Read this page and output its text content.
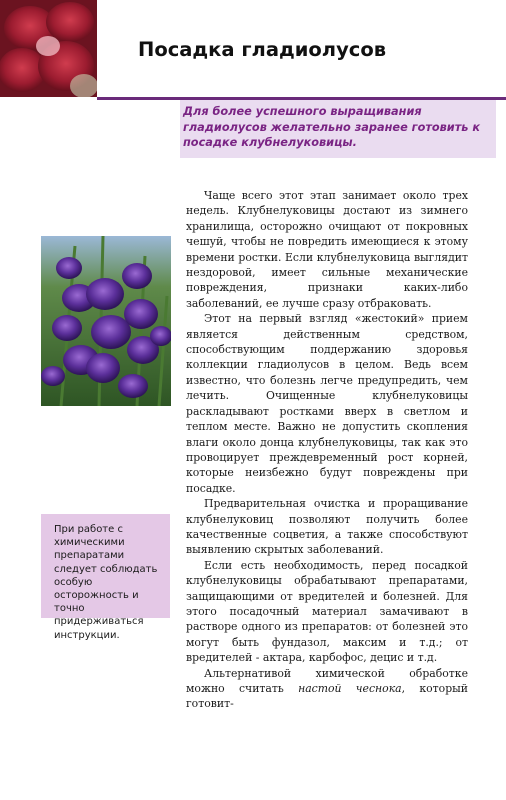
Посадка гладиолусов

Для более успешного выращивания гладиолусов желательно заранее готовить к посадке клубнелуковицы.

При работе с химическими препаратами следует соблюдать особую осторожность и точно придерживаться инструкции.

Чаще всего этот этап занимает около трех недель. Клубнелуковицы достают из зимнего хранилища, осторожно очищают от покровных чешуй, чтобы не повредить имеющиеся к этому времени ростки. Если клубнелуковица выглядит нездоровой, имеет сильные механические повреждения, признаки каких-либо заболеваний, ее лучше сразу отбраковать.
Этот на первый взгляд «жестокий» прием является действенным средством, способствующим поддержанию здоровья коллекции гладиолусов в целом. Ведь всем известно, что болезнь легче предупредить, чем лечить. Очищенные клубнелуковицы раскладывают ростками вверх в светлом и теплом месте. Важно не допустить скопления влаги около донца клубнелуковицы, так как это провоцирует преждевременный рост корней, которые неизбежно будут повреждены при посадке.
Предварительная очистка и проращивание клубнелуковиц позволяют получить более качественные соцветия, а также способствуют выявлению скрытых заболеваний.
Если есть необходимость, перед посадкой клубнелуковицы обрабатывают препаратами, защищающими от вредителей и болезней. Для этого посадочный материал замачивают в растворе одного из препаратов: от болезней это могут быть фундазол, максим и т.д.; от вредителей - актара, карбофос, децис и т.д.
Альтернативой химической обработке можно считать настой чеснока, который готовит-
